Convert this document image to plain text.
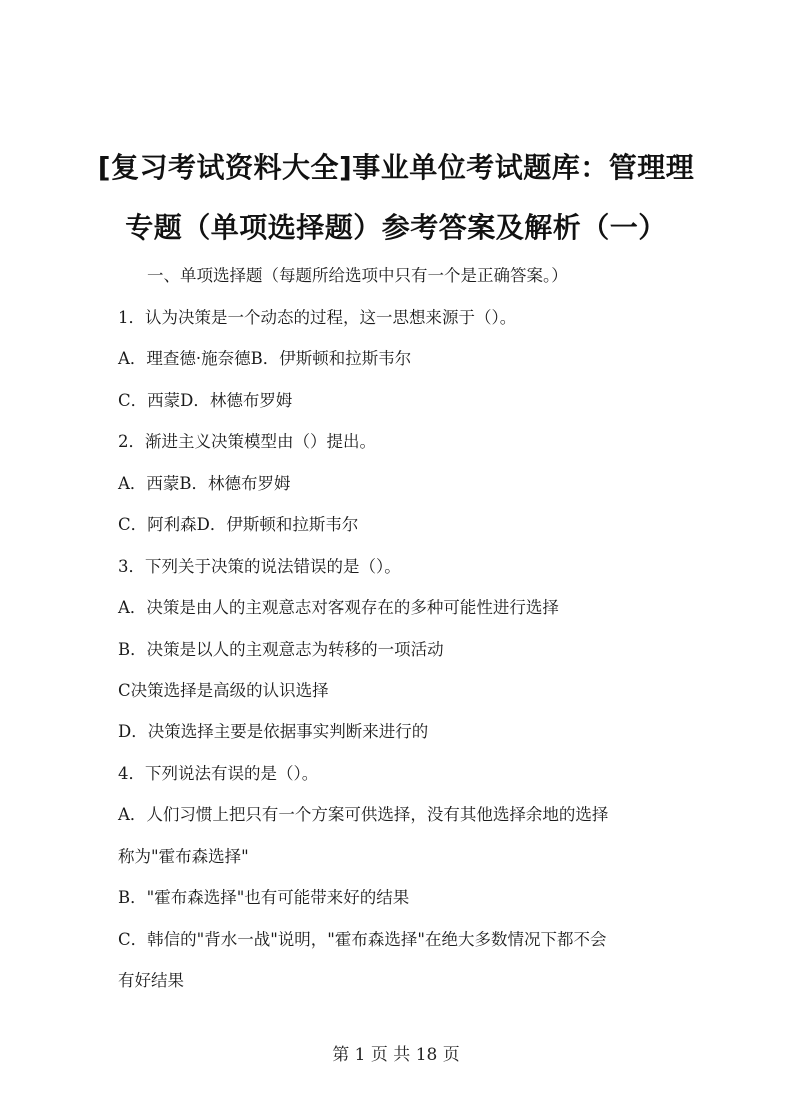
[复习考试资料大全]事业单位考试题库：管理理
专题（单项选择题）参考答案及解析（一）
一、单项选择题（每题所给选项中只有一个是正确答案。）
1．认为决策是一个动态的过程，这一思想来源于（）。
A．理查德·施奈德B．伊斯顿和拉斯韦尔
C．西蒙D．林德布罗姆
2．渐进主义决策模型由（）提出。
A．西蒙B．林德布罗姆
C．阿利森D．伊斯顿和拉斯韦尔
3．下列关于决策的说法错误的是（）。
A．决策是由人的主观意志对客观存在的多种可能性进行选择
B．决策是以人的主观意志为转移的一项活动
C决策选择是高级的认识选择
D．决策选择主要是依据事实判断来进行的
4．下列说法有误的是（）。
A．人们习惯上把只有一个方案可供选择，没有其他选择余地的选择
称为"霍布森选择"
B．"霍布森选择"也有可能带来好的结果
C．韩信的"背水一战"说明，"霍布森选择"在绝大多数情况下都不会
有好结果
第 1 页 共 18 页
